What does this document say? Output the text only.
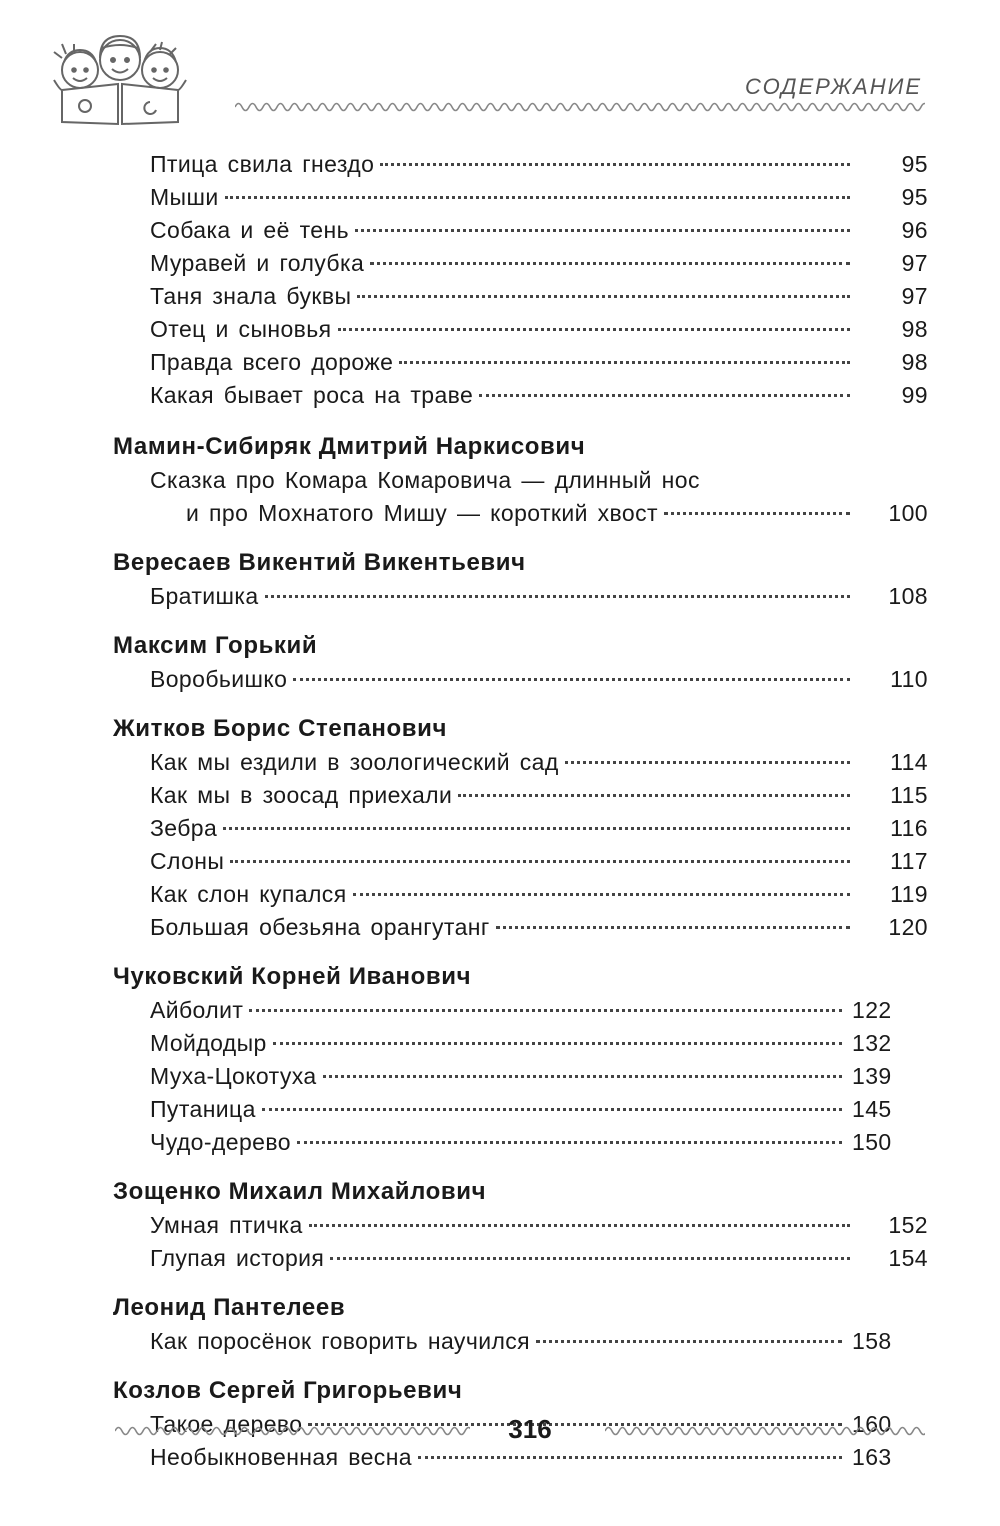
СОДЕРЖАНИЕ
Птица свила гнездо	95
Мыши	95
Собака и её тень	96
Муравей и голубка	97
Таня знала буквы	97
Отец и сыновья	98
Правда всего дороже	98
Какая бывает роса на траве	99
Мамин-Сибиряк Дмитрий Наркисович
Сказка про Комара Комаровича — длинный нос
и про Мохнатого Мишу — короткий хвост	100
Вересаев Викентий Викентьевич
Братишка	108
Максим Горький
Воробьишко	110
Житков Борис Степанович
Как мы ездили в зоологический сад	114
Как мы в зоосад приехали	115
Зебра	116
Слоны	117
Как слон купался	119
Большая обезьяна орангутанг	120
Чуковский Корней Иванович
Айболит	122
Мойдодыр	132
Муха-Цокотуха	139
Путаница	145
Чудо-дерево	150
Зощенко Михаил Михайлович
Умная птичка	152
Глупая история	154
Леонид Пантелеев
Как поросёнок говорить научился	158
Козлов Сергей Григорьевич
Такое дерево	160
Необыкновенная весна	163
316
